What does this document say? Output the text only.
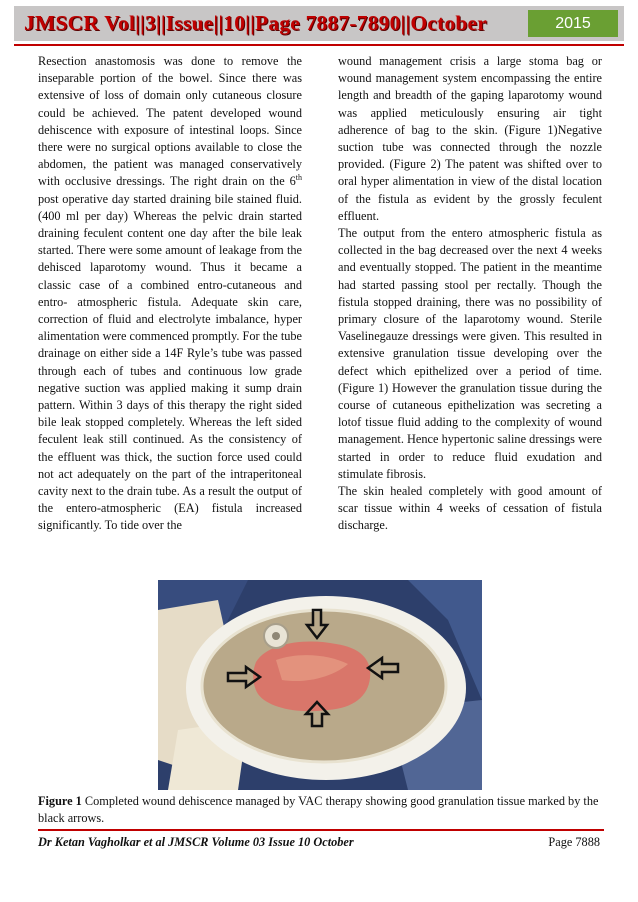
JMSCR Vol||3||Issue||10||Page 7887-7890||October	2015

Resection anastomosis was done to remove the inseparable portion of the bowel. Since there was extensive of loss of domain only cutaneous closure could be achieved. The patent developed wound dehiscence with exposure of intestinal loops. Since there were no surgical options available to close the abdomen, the patient was managed conservatively with occlusive dressings. The right drain on the 6th post operative day started draining bile stained fluid. (400 ml per day) Whereas the pelvic drain started draining feculent content one day after the bile leak started. There were some amount of leakage from the dehisced laparotomy wound. Thus it became a classic case of a combined entro-cutaneous and entro- atmospheric fistula. Adequate skin care, correction of fluid and electrolyte imbalance, hyper alimentation were commenced promptly. For the tube drainage on either side a 14F Ryle’s tube was passed through each of tubes and continuous low grade negative suction was applied making it sump drain pattern. Within 3 days of this therapy the right sided bile leak stopped completely. Whereas the left sided feculent leak still continued. As the consistency of the effluent was thick, the suction force used could not act adequately on the part of the intraperitoneal cavity next to the drain tube. As a result the output of the entero-atmospheric (EA) fistula increased significantly. To tide over the

wound management crisis a large stoma bag or wound management system encompassing the entire length and breadth of the gaping laparotomy wound was applied meticulously ensuring air tight adherence of bag to the skin. (Figure 1)Negative suction tube was connected through the nozzle provided. (Figure 2) The patent was shifted over to oral hyper alimentation in view of the distal location of the fistula as evident by the grossly feculent effluent.

The output from the entero atmospheric fistula as collected in the bag decreased over the next 4 weeks and eventually stopped. The patient in the meantime had started passing stool per rectally. Though the fistula stopped draining, there was no possibility of primary closure of the laparotomy wound. Sterile Vaselinegauze dressings were given. This resulted in extensive granulation tissue developing over the defect which epithelized over a period of time. (Figure 1) However the granulation tissue during the course of cutaneous epithelization was secreting a lotof tissue fluid adding to the complexity of wound management. Hence hypertonic saline dressings were started in order to reduce fluid exudation and stimulate fibrosis.

The skin healed completely with good amount of scar tissue within 4 weeks of cessation of fistula discharge.

Figure 1 Completed wound dehiscence managed by VAC therapy showing good granulation tissue marked by the black arrows.
Dr Ketan Vagholkar et al JMSCR Volume 03 Issue 10 October	Page 7888
